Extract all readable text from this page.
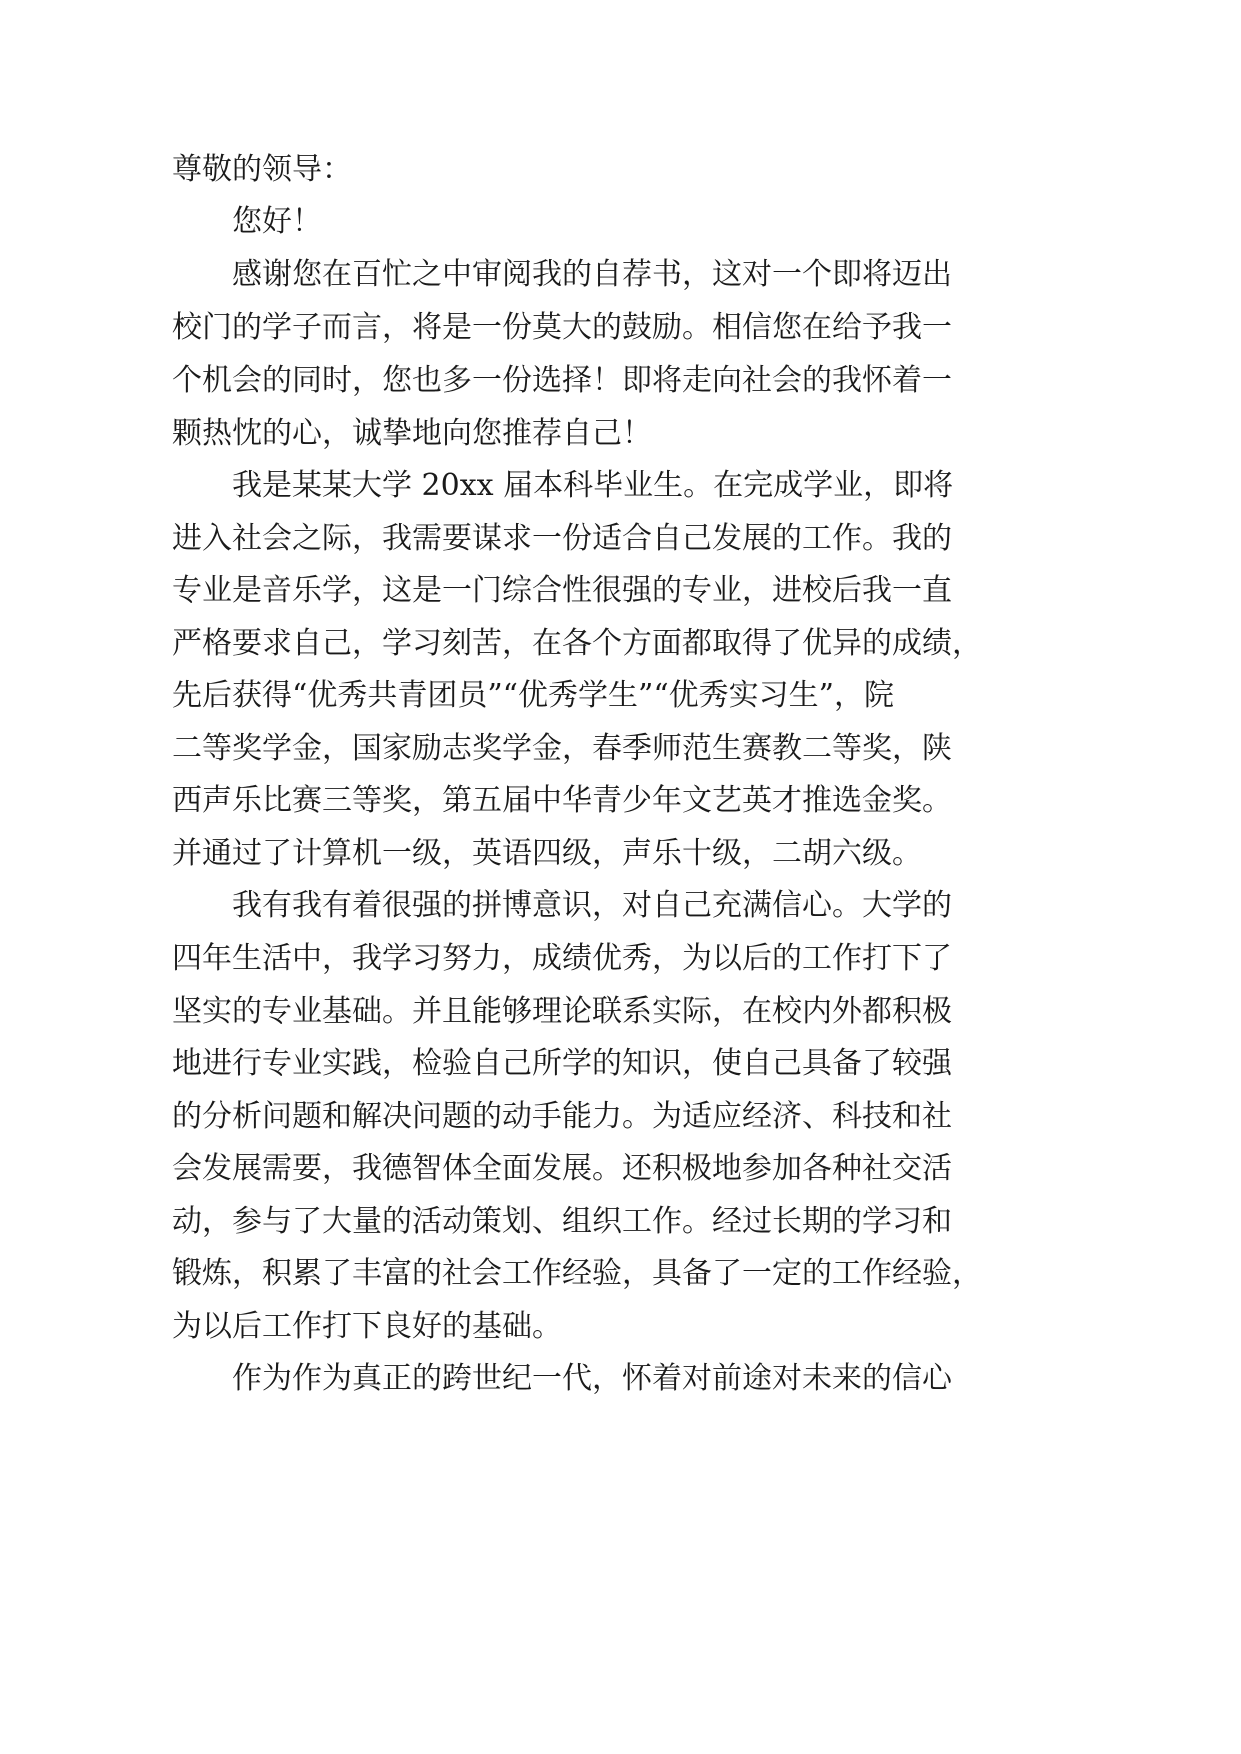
尊敬的领导：
您好！
感谢您在百忙之中审阅我的自荐书，这对一个即将迈出
校门的学子而言，将是一份莫大的鼓励。相信您在给予我一
个机会的同时，您也多一份选择！即将走向社会的我怀着一
颗热忱的心，诚挚地向您推荐自己！
我是某某大学 20xx 届本科毕业生。在完成学业，即将
进入社会之际，我需要谋求一份适合自己发展的工作。我的
专业是音乐学，这是一门综合性很强的专业，进校后我一直
严格要求自己，学习刻苦，在各个方面都取得了优异的成绩，
先后获得“优秀共青团员”“优秀学生”“优秀实习生”，院
二等奖学金，国家励志奖学金，春季师范生赛教二等奖，陕
西声乐比赛三等奖，第五届中华青少年文艺英才推选金奖。
并通过了计算机一级，英语四级，声乐十级，二胡六级。
我有我有着很强的拼博意识，对自己充满信心。大学的
四年生活中，我学习努力，成绩优秀，为以后的工作打下了
坚实的专业基础。并且能够理论联系实际，在校内外都积极
地进行专业实践，检验自己所学的知识，使自己具备了较强
的分析问题和解决问题的动手能力。为适应经济、科技和社
会发展需要，我德智体全面发展。还积极地参加各种社交活
动，参与了大量的活动策划、组织工作。经过长期的学习和
锻炼，积累了丰富的社会工作经验，具备了一定的工作经验，
为以后工作打下良好的基础。
作为作为真正的跨世纪一代，怀着对前途对未来的信心
